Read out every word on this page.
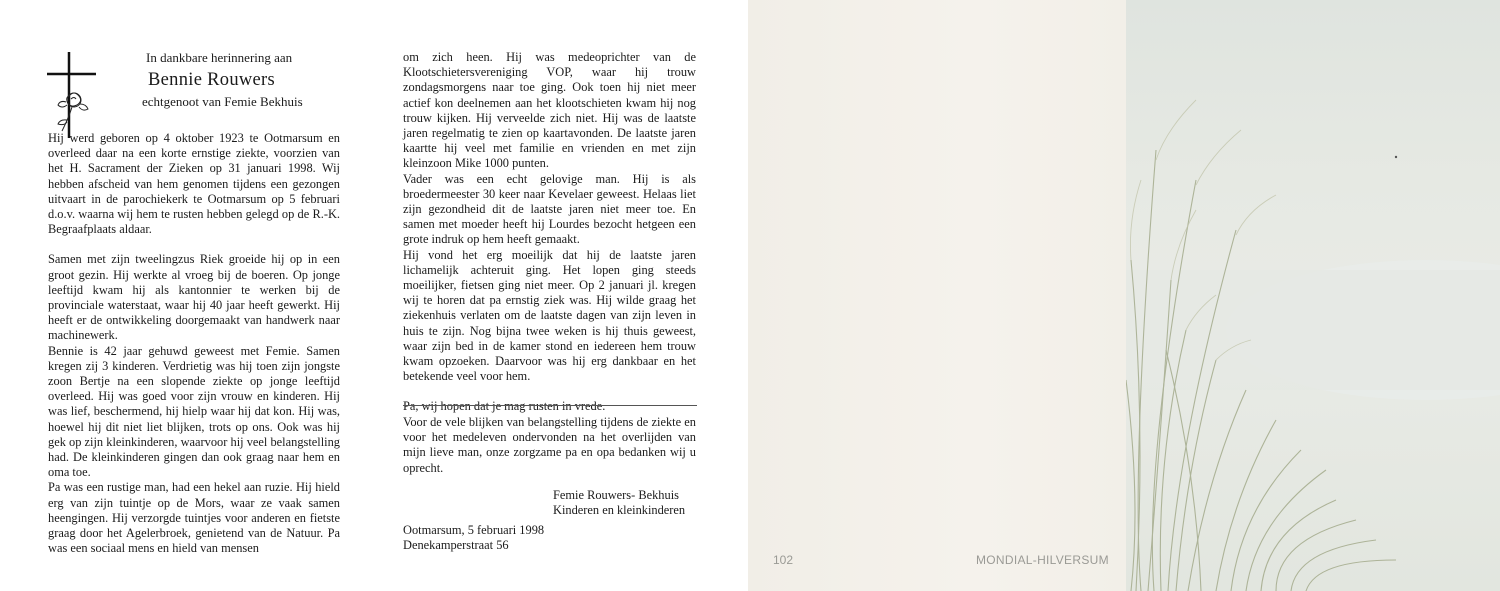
In dankbare herinnering aan
Bennie Rouwers
echtgenoot van Femie Bekhuis

Hij werd geboren op 4 oktober 1923 te Ootmarsum en overleed daar na een korte ernstige ziekte, voorzien van het H. Sacrament der Zieken op 31 januari 1998. Wij hebben afscheid van hem genomen tijdens een gezongen uitvaart in de parochiekerk te Ootmarsum op 5 februari d.o.v. waarna wij hem te rusten hebben gelegd op de R.-K. Begraafplaats aldaar.

Samen met zijn tweelingzus Riek groeide hij op in een groot gezin. Hij werkte al vroeg bij de boeren. Op jonge leeftijd kwam hij als kantonnier te werken bij de provinciale waterstaat, waar hij 40 jaar heeft gewerkt. Hij heeft er de ontwikkeling doorgemaakt van handwerk naar machinewerk.

Bennie is 42 jaar gehuwd geweest met Femie. Samen kregen zij 3 kinderen. Verdrietig was hij toen zijn jongste zoon Bertje na een slopende ziekte op jonge leeftijd overleed. Hij was goed voor zijn vrouw en kinderen. Hij was lief, beschermend, hij hielp waar hij dat kon. Hij was, hoewel hij dit niet liet blijken, trots op ons. Ook was hij gek op zijn kleinkinderen, waarvoor hij veel belangstelling had. De kleinkinderen gingen dan ook graag naar hem en oma toe.

Pa was een rustige man, had een hekel aan ruzie. Hij hield erg van zijn tuintje op de Mors, waar ze vaak samen heengingen. Hij verzorgde tuintjes voor anderen en fietste graag door het Agelerbroek, genietend van de Natuur. Pa was een sociaal mens en hield van mensen

om zich heen. Hij was medeoprichter van de Klootschietersvereniging VOP, waar hij trouw zondagsmorgens naar toe ging. Ook toen hij niet meer actief kon deelnemen aan het klootschieten kwam hij nog trouw kijken. Hij verveelde zich niet. Hij was de laatste jaren regelmatig te zien op kaartavonden. De laatste jaren kaartte hij veel met familie en vrienden en met zijn kleinzoon Mike 1000 punten.

Vader was een echt gelovige man. Hij is als broedermeester 30 keer naar Kevelaer geweest. Helaas liet zijn gezondheid dit de laatste jaren niet meer toe. En samen met moeder heeft hij Lourdes bezocht hetgeen een grote indruk op hem heeft gemaakt.

Hij vond het erg moeilijk dat hij de laatste jaren lichamelijk achteruit ging. Het lopen ging steeds moeilijker, fietsen ging niet meer. Op 2 januari jl. kregen wij te horen dat pa ernstig ziek was. Hij wilde graag het ziekenhuis verlaten om de laatste dagen van zijn leven in huis te zijn. Nog bijna twee weken is hij thuis geweest, waar zijn bed in de kamer stond en iedereen hem trouw kwam opzoeken. Daarvoor was hij erg dankbaar en het betekende veel voor hem.

Pa, wij hopen dat je mag rusten in vrede.

Voor de vele blijken van belangstelling tijdens de ziekte en voor het medeleven ondervonden na het overlijden van mijn lieve man, onze zorgzame pa en opa bedanken wij u oprecht.
Femie Rouwers- Bekhuis
Kinderen en kleinkinderen
Ootmarsum, 5 februari 1998
Denekamperstraat 56
102	MONDIAL-HILVERSUM
